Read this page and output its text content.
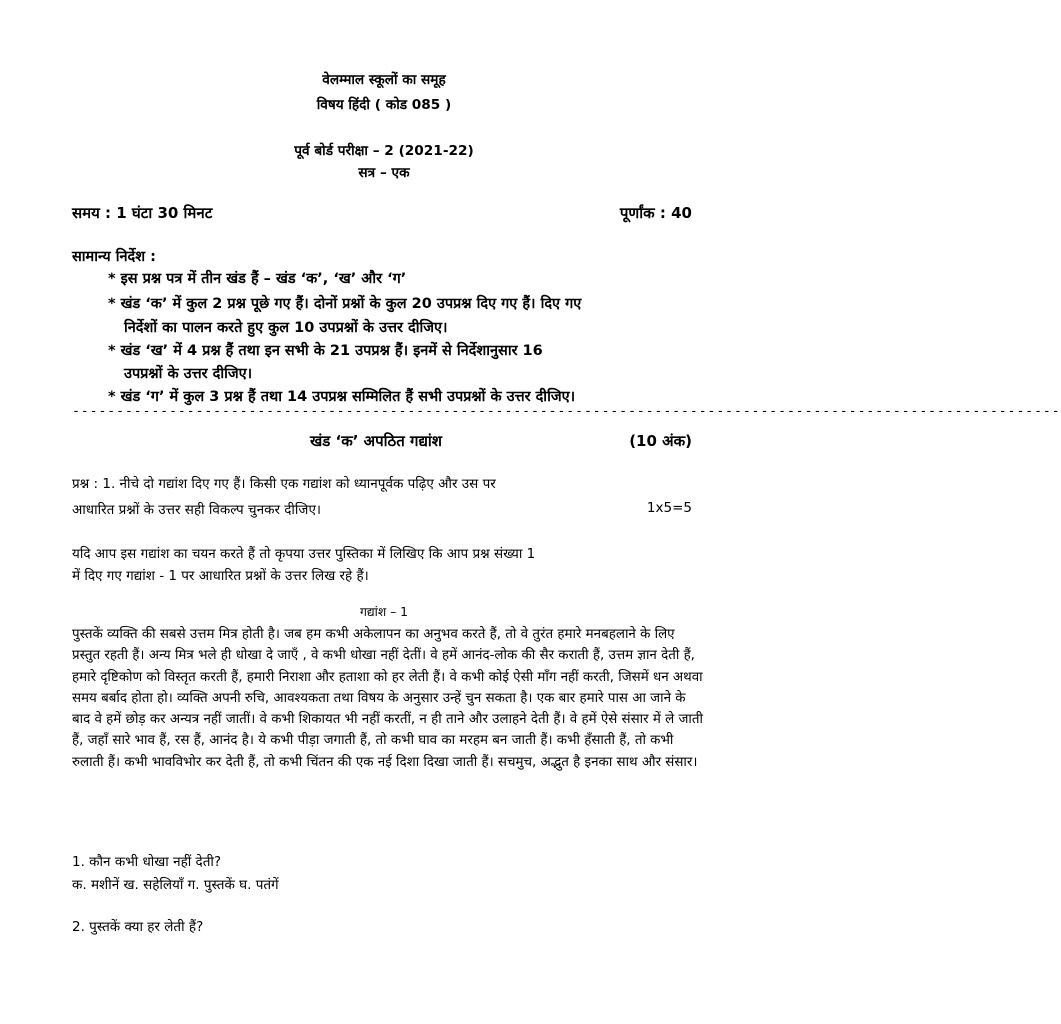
वेलम्माल स्कूलों का समूह
विषय हिंदी ( कोड 085 )
पूर्व बोर्ड परीक्षा – 2 (2021-22)
सत्र – एक
समय : 1 घंटा 30 मिनट	पूर्णांक : 40
सामान्य निर्देश :
* इस प्रश्न पत्र में तीन खंड हैं – खंड ‘क’, ‘ख’ और ‘ग’
* खंड ‘क’ में कुल 2 प्रश्न पूछे गए हैं। दोनों प्रश्नों के कुल 20 उपप्रश्न दिए गए हैं। दिए गए
निर्देशों का पालन करते हुए कुल 10 उपप्रश्नों के उत्तर दीजिए।
* खंड ‘ख’ में 4 प्रश्न हैं तथा इन सभी के 21 उपप्रश्न हैं। इनमें से निर्देशानुसार 16
उपप्रश्नों के उत्तर दीजिए।
* खंड ‘ग’ में कुल 3 प्रश्न हैं तथा 14 उपप्रश्न सम्मिलित हैं सभी उपप्रश्नों के उत्तर दीजिए।
----------------------------------------------------------------------------------------------------------------
खंड ‘क’ अपठित गद्यांश	(10 अंक)
प्रश्न : 1. नीचे दो गद्यांश दिए गए हैं। किसी एक गद्यांश को ध्यानपूर्वक पढ़िए और उस पर
आधारित प्रश्नों के उत्तर सही विकल्प चुनकर दीजिए।	1x5=5
यदि आप इस गद्यांश का चयन करते हैं तो कृपया उत्तर पुस्तिका में लिखिए कि आप प्रश्न संख्या 1
में दिए गए गद्यांश - 1 पर आधारित प्रश्नों के उत्तर लिख रहे हैं।
गद्यांश – 1

पुस्तकें व्यक्ति की सबसे उत्तम मित्र होती है। जब हम कभी अकेलापन का अनुभव करते हैं, तो वे तुरंत हमारे मनबहलाने के लिए प्रस्तुत रहती हैं। अन्य मित्र भले ही धोखा दे जाएँ , वे कभी धोखा नहीं देतीं। वे हमें आनंद-लोक की सैर कराती हैं, उत्तम ज्ञान देती हैं, हमारे दृष्टिकोण को विस्तृत करती हैं, हमारी निराशा और हताशा को हर लेती हैं। वे कभी कोई ऐसी माँग नहीं करती, जिसमें धन अथवा समय बर्बाद होता हो। व्यक्ति अपनी रुचि, आवश्यकता तथा विषय के अनुसार उन्हें चुन सकता है। एक बार हमारे पास आ जाने के बाद वे हमें छोड़ कर अन्यत्र नहीं जातीं। वे कभी शिकायत भी नहीं करतीं, न ही ताने और उलाहने देती हैं। वे हमें ऐसे संसार में ले जाती हैं, जहाँ सारे भाव हैं, रस हैं, आनंद है। ये कभी पीड़ा जगाती हैं, तो कभी घाव का मरहम बन जाती हैं। कभी हँसाती हैं, तो कभी रुलाती हैं। कभी भावविभोर कर देती हैं, तो कभी चिंतन की एक नई दिशा दिखा जाती हैं। सचमुच, अद्भुत है इनका साथ और संसार।

1. कौन कभी धोखा नहीं देती?
क. मशीनें ख. सहेलियाँ ग. पुस्तकें घ. पतंगें
2. पुस्तकें क्या हर लेती हैं?
